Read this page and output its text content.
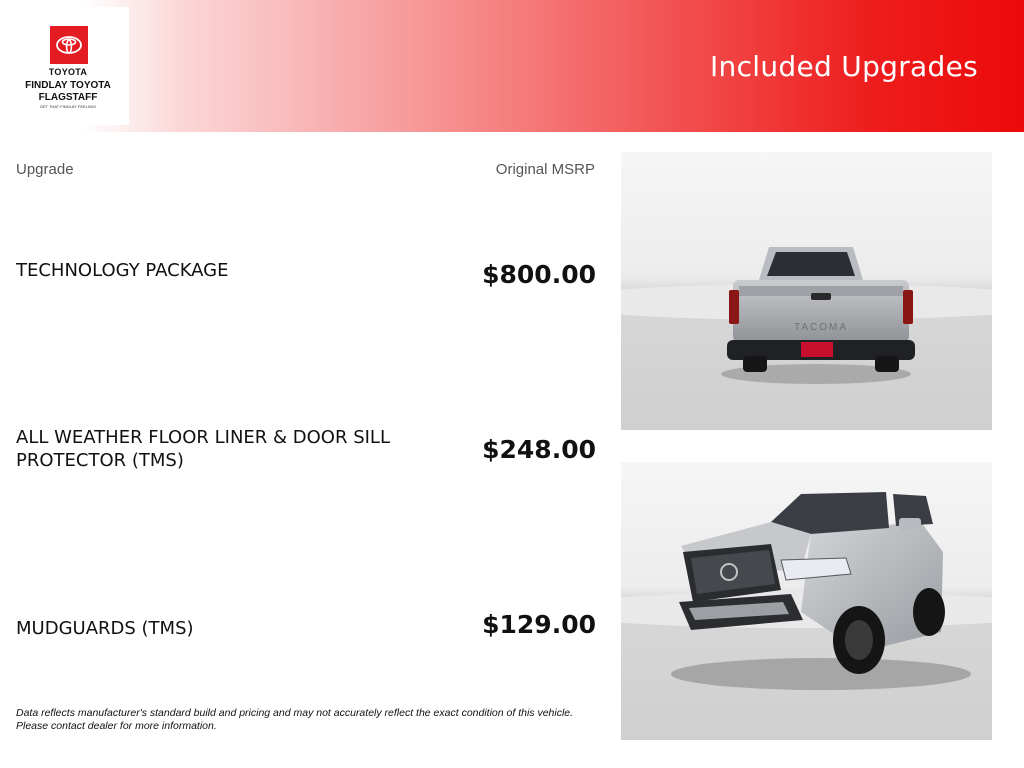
TOYOTA
FINDLAY TOYOTA
FLAGSTAFF
GET THAT FINDLAY FEELING!
Included Upgrades
Upgrade	Original MSRP
TECHNOLOGY PACKAGE	$800.00
ALL WEATHER FLOOR LINER & DOOR SILL PROTECTOR (TMS)	$248.00
MUDGUARDS (TMS)	$129.00
Data reflects manufacturer's standard build and pricing and may not accurately reflect the exact condition of this vehicle.
Please contact dealer for more information.
TACOMA
